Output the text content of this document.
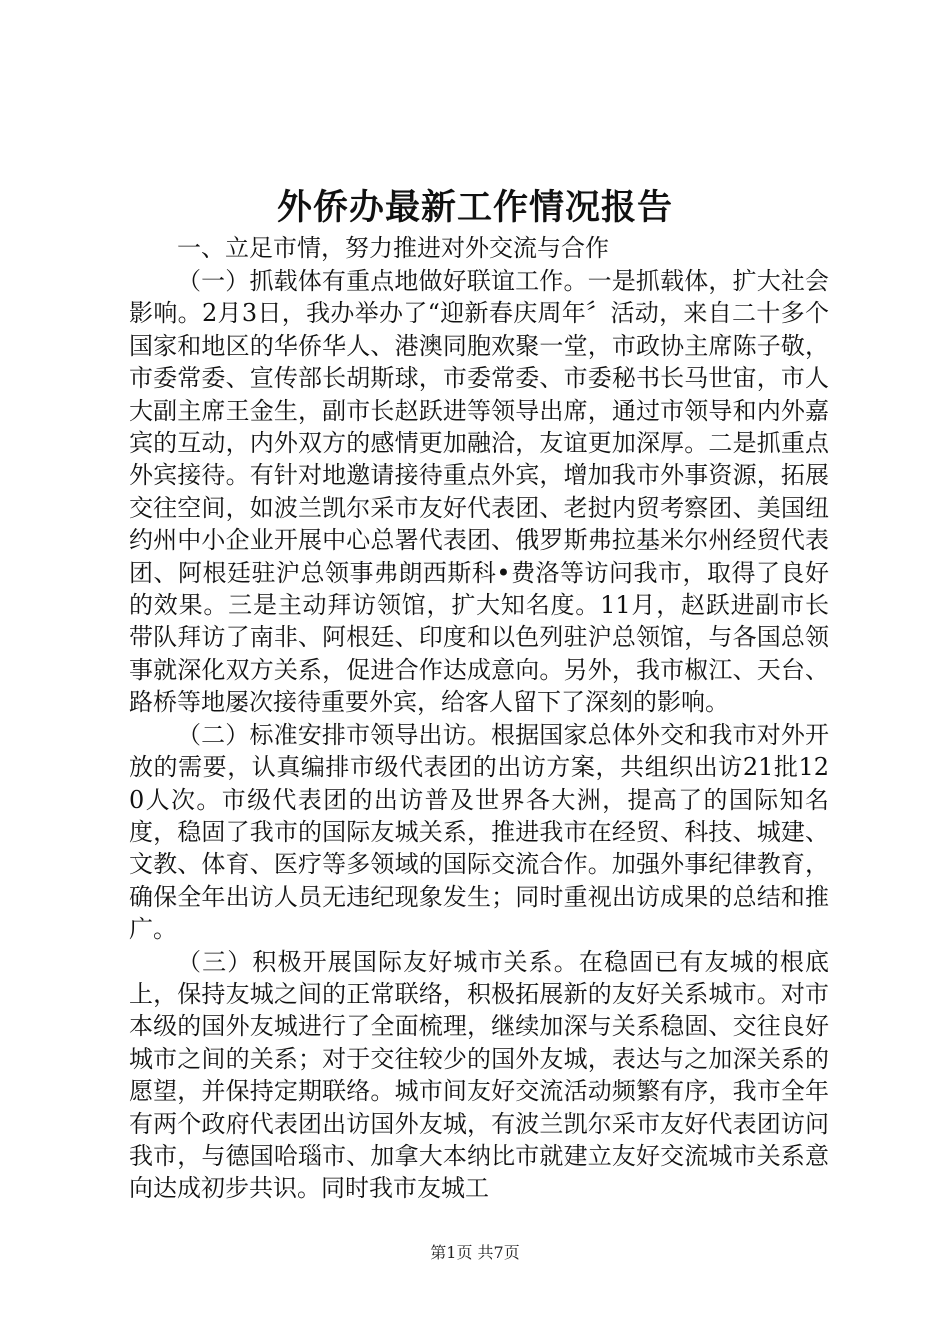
外侨办最新工作情况报告

一、立足市情，努力推进对外交流与合作

（一）抓载体有重点地做好联谊工作。一是抓载体，扩大社会影响。2月3日，我办举办了“迎新春庆周年〞活动，来自二十多个国家和地区的华侨华人、港澳同胞欢聚一堂，市政协主席陈子敬，市委常委、宣传部长胡斯球，市委常委、市委秘书长马世宙，市人大副主席王金生，副市长赵跃进等领导出席，通过市领导和内外嘉宾的互动，内外双方的感情更加融洽，友谊更加深厚。二是抓重点外宾接待。有针对地邀请接待重点外宾，增加我市外事资源，拓展交往空间，如波兰凯尔采市友好代表团、老挝内贸考察团、美国纽约州中小企业开展中心总署代表团、俄罗斯弗拉基米尔州经贸代表团、阿根廷驻沪总领事弗朗西斯科•费洛等访问我市，取得了良好的效果。三是主动拜访领馆，扩大知名度。11月，赵跃进副市长带队拜访了南非、阿根廷、印度和以色列驻沪总领馆，与各国总领事就深化双方关系，促进合作达成意向。另外，我市椒江、天台、路桥等地屡次接待重要外宾，给客人留下了深刻的影响。

（二）标准安排市领导出访。根据国家总体外交和我市对外开放的需要，认真编排市级代表团的出访方案，共组织出访21批120人次。市级代表团的出访普及世界各大洲，提高了的国际知名度，稳固了我市的国际友城关系，推进我市在经贸、科技、城建、文教、体育、医疗等多领域的国际交流合作。加强外事纪律教育，确保全年出访人员无违纪现象发生；同时重视出访成果的总结和推广。

（三）积极开展国际友好城市关系。在稳固已有友城的根底上，保持友城之间的正常联络，积极拓展新的友好关系城市。对市本级的国外友城进行了全面梳理，继续加深与关系稳固、交往良好城市之间的关系；对于交往较少的国外友城，表达与之加深关系的愿望，并保持定期联络。城市间友好交流活动频繁有序，我市全年有两个政府代表团出访国外友城，有波兰凯尔采市友好代表团访问我市，与德国哈瑙市、加拿大本纳比市就建立友好交流城市关系意向达成初步共识。同时我市友城工

第1页 共7页
